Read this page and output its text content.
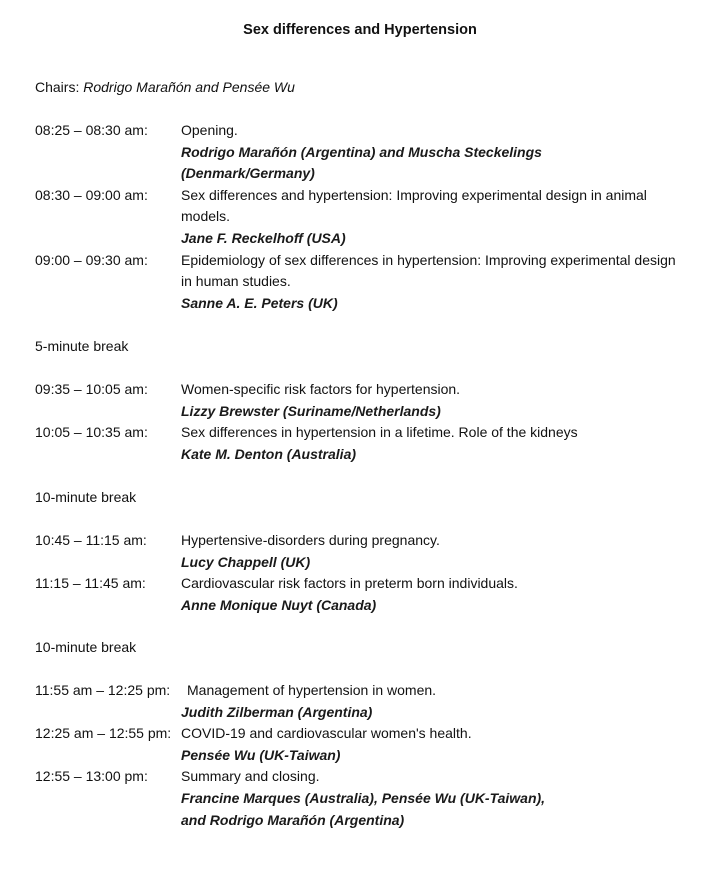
Sex differences and Hypertension
Chairs: Rodrigo Marañón and Pensée Wu
08:25 – 08:30 am: Opening.
Rodrigo Marañón (Argentina) and Muscha Steckelings (Denmark/Germany)
08:30 – 09:00 am: Sex differences and hypertension: Improving experimental design in animal models.
Jane F. Reckelhoff (USA)
09:00 – 09:30 am: Epidemiology of sex differences in hypertension: Improving experimental design in human studies.
Sanne A. E. Peters (UK)
5-minute break
09:35 – 10:05 am: Women-specific risk factors for hypertension.
Lizzy Brewster (Suriname/Netherlands)
10:05 – 10:35 am: Sex differences in hypertension in a lifetime. Role of the kidneys
Kate M. Denton (Australia)
10-minute break
10:45 – 11:15 am: Hypertensive-disorders during pregnancy.
Lucy Chappell (UK)
11:15 – 11:45 am:	Cardiovascular risk factors in preterm born individuals.
Anne Monique Nuyt (Canada)
10-minute break
11:55 am – 12:25 pm: Management of hypertension in women.
Judith Zilberman (Argentina)
12:25 am – 12:55 pm: COVID-19 and cardiovascular women's health.
Pensée Wu (UK-Taiwan)
12:55 – 13:00 pm: Summary and closing.
Francine Marques (Australia), Pensée Wu (UK-Taiwan), and Rodrigo Marañón (Argentina)
